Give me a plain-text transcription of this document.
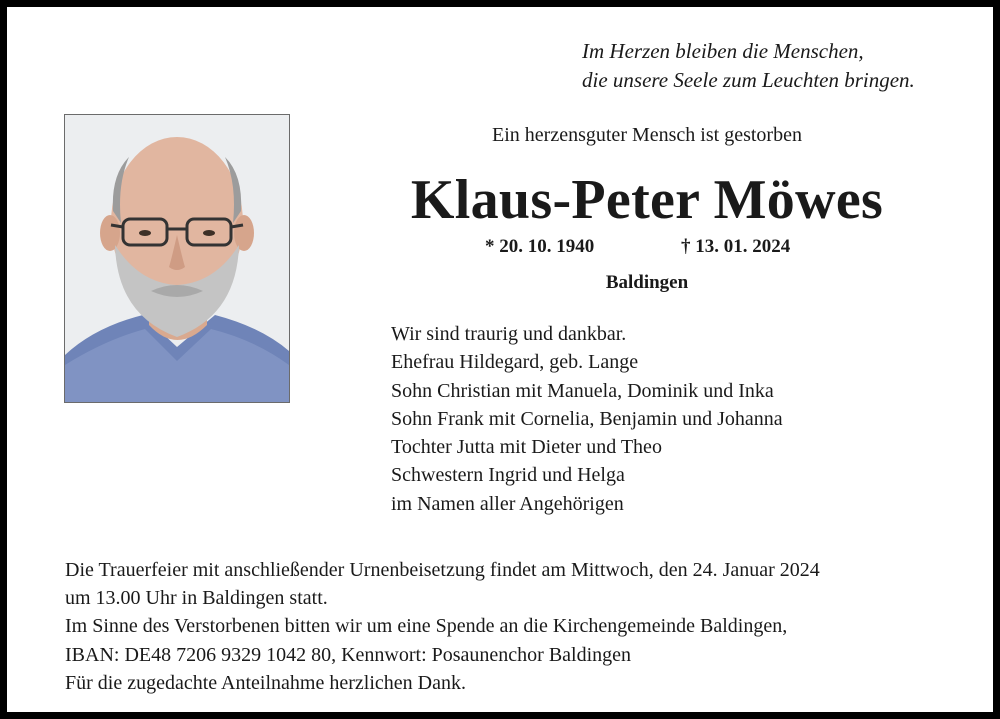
Im Herzen bleiben die Menschen,
die unsere Seele zum Leuchten bringen.
Ein herzensguter Mensch ist gestorben
Klaus-Peter Möwes
* 20. 10. 1940	† 13. 01. 2024
Baldingen
Wir sind traurig und dankbar.
Ehefrau Hildegard, geb. Lange
Sohn Christian mit Manuela, Dominik und Inka
Sohn Frank mit Cornelia, Benjamin und Johanna
Tochter Jutta mit Dieter und Theo
Schwestern Ingrid und Helga
im Namen aller Angehörigen
Die Trauerfeier mit anschließender Urnenbeisetzung findet am Mittwoch, den 24. Januar 2024
um 13.00 Uhr in Baldingen statt.
Im Sinne des Verstorbenen bitten wir um eine Spende an die Kirchengemeinde Baldingen,
IBAN: DE48 7206 9329 1042 80, Kennwort: Posaunenchor Baldingen
Für die zugedachte Anteilnahme herzlichen Dank.
